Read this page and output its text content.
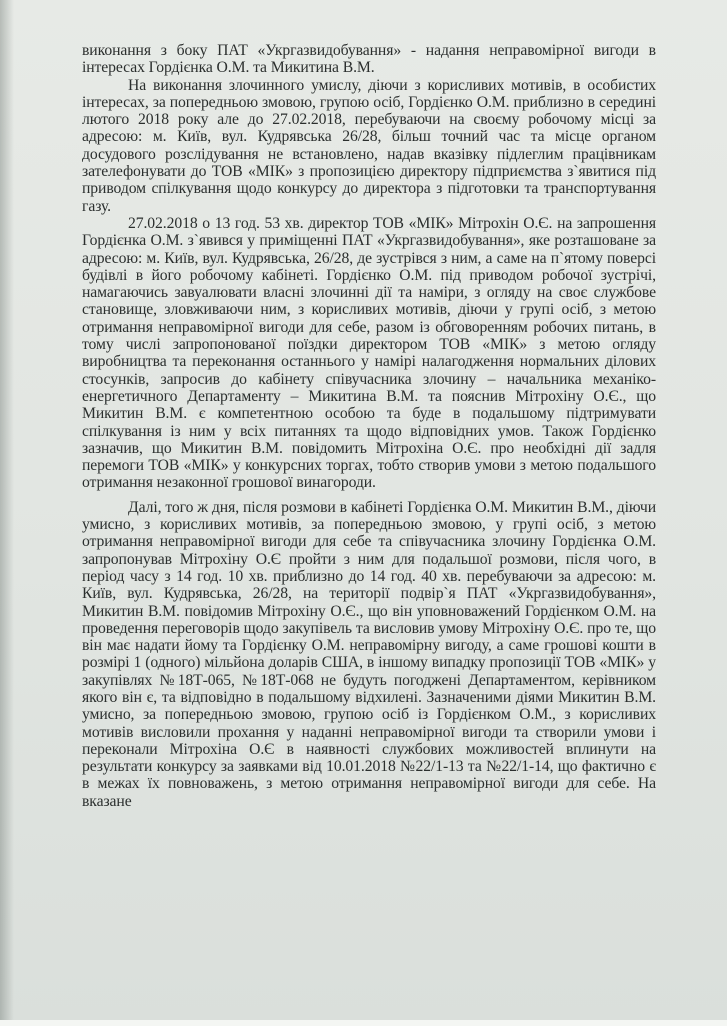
виконання з боку ПАТ «Укргазвидобування» - надання неправомірної вигоди в інтересах Гордієнка О.М. та Микитина В.М.

На виконання злочинного умислу, діючи з корисливих мотивів, в особистих інтересах, за попередньою змовою, групою осіб, Гордієнко О.М. приблизно в середині лютого 2018 року але до 27.02.2018, перебуваючи на своєму робочому місці за адресою: м. Київ, вул. Кудрявська 26/28, більш точний час та місце органом досудового розслідування не встановлено, надав вказівку підлеглим працівникам зателефонувати до ТОВ «МІК» з пропозицією директору підприємства з`явитися під приводом спілкування щодо конкурсу до директора з підготовки та транспортування газу.

27.02.2018 о 13 год. 53 хв. директор ТОВ «МІК» Мітрохін О.Є. на запрошення Гордієнка О.М. з`явився у приміщенні ПАТ «Укргазвидобування», яке розташоване за адресою: м. Київ, вул. Кудрявська, 26/28, де зустрівся з ним, а саме на п`ятому поверсі будівлі в його робочому кабінеті. Гордієнко О.М. під приводом робочої зустрічі, намагаючись завуалювати власні злочинні дії та наміри, з огляду на своє службове становище, зловживаючи ним, з корисливих мотивів, діючи у групі осіб, з метою отримання неправомірної вигоди для себе, разом із обговоренням робочих питань, в тому числі запропонованої поїздки директором ТОВ «МІК» з метою огляду виробництва та переконання останнього у намірі налагодження нормальних ділових стосунків, запросив до кабінету співучасника злочину – начальника механіко-енергетичного Департаменту – Микитина В.М. та пояснив Мітрохіну О.Є., що Микитин В.М. є компетентною особою та буде в подальшому підтримувати спілкування із ним у всіх питаннях та щодо відповідних умов. Також Гордієнко зазначив, що Микитин В.М. повідомить Мітрохіна О.Є. про необхідні дії задля перемоги ТОВ «МІК» у конкурсних торгах, тобто створив умови з метою подальшого отримання незаконної грошової винагороди.

Далі, того ж дня, після розмови в кабінеті Гордієнка О.М. Микитин В.М., діючи умисно, з корисливих мотивів, за попередньою змовою, у групі осіб, з метою отримання неправомірної вигоди для себе та співучасника злочину Гордієнка О.М. запропонував Мітрохіну О.Є пройти з ним для подальшої розмови, після чого, в період часу з 14 год. 10 хв. приблизно до 14 год. 40 хв. перебуваючи за адресою: м. Київ, вул. Кудрявська, 26/28, на території подвір`я ПАТ «Укргазвидобування», Микитин В.М. повідомив Мітрохіну О.Є., що він уповноважений Гордієнком О.М. на проведення переговорів щодо закупівель та висловив умову Мітрохіну О.Є. про те, що він має надати йому та Гордієнку О.М. неправомірну вигоду, а саме грошові кошти в розмірі 1 (одного) мільйона доларів США, в іншому випадку пропозиції ТОВ «МІК» у закупівлях №18Т-065, №18Т-068 не будуть погоджені Департаментом, керівником якого він є, та відповідно в подальшому відхилені. Зазначеними діями Микитин В.М. умисно, за попередньою змовою, групою осіб із Гордієнком О.М., з корисливих мотивів висловили прохання у наданні неправомірної вигоди та створили умови і переконали Мітрохіна О.Є в наявності службових можливостей вплинути на результати конкурсу за заявками від 10.01.2018 №22/1-13 та №22/1-14, що фактично є в межах їх повноважень, з метою отримання неправомірної вигоди для себе. На вказане
